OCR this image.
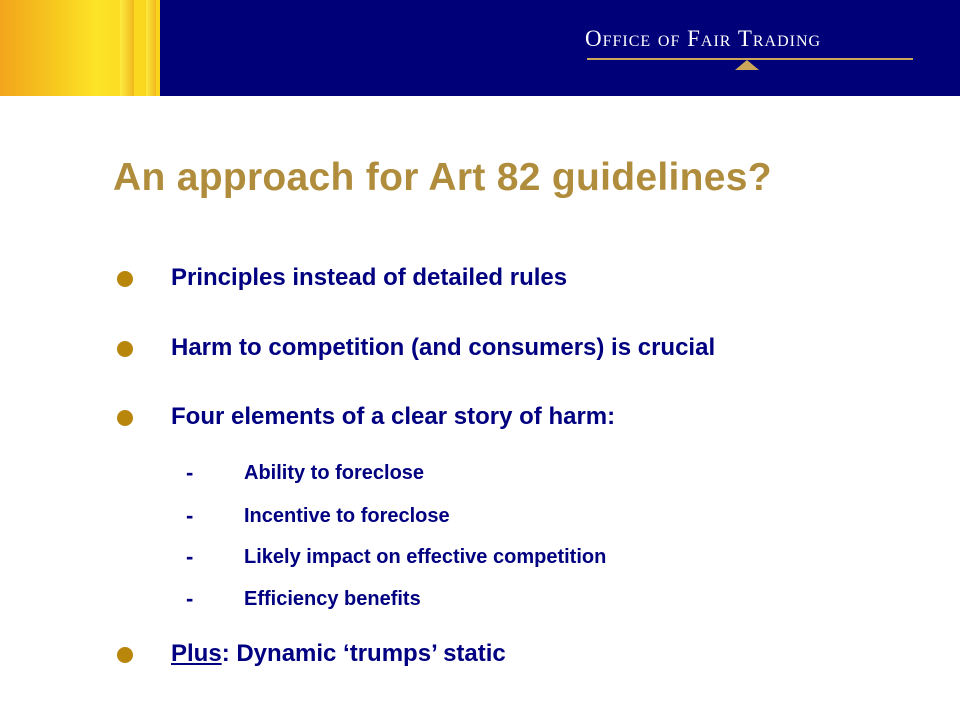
Office of Fair Trading
An approach for Art 82 guidelines?
Principles instead of detailed rules
Harm to competition (and consumers) is crucial
Four elements of a clear story of harm:
-	Ability to foreclose
-	Incentive to foreclose
-	Likely impact on effective competition
-	Efficiency benefits
Plus: Dynamic ‘trumps’ static
